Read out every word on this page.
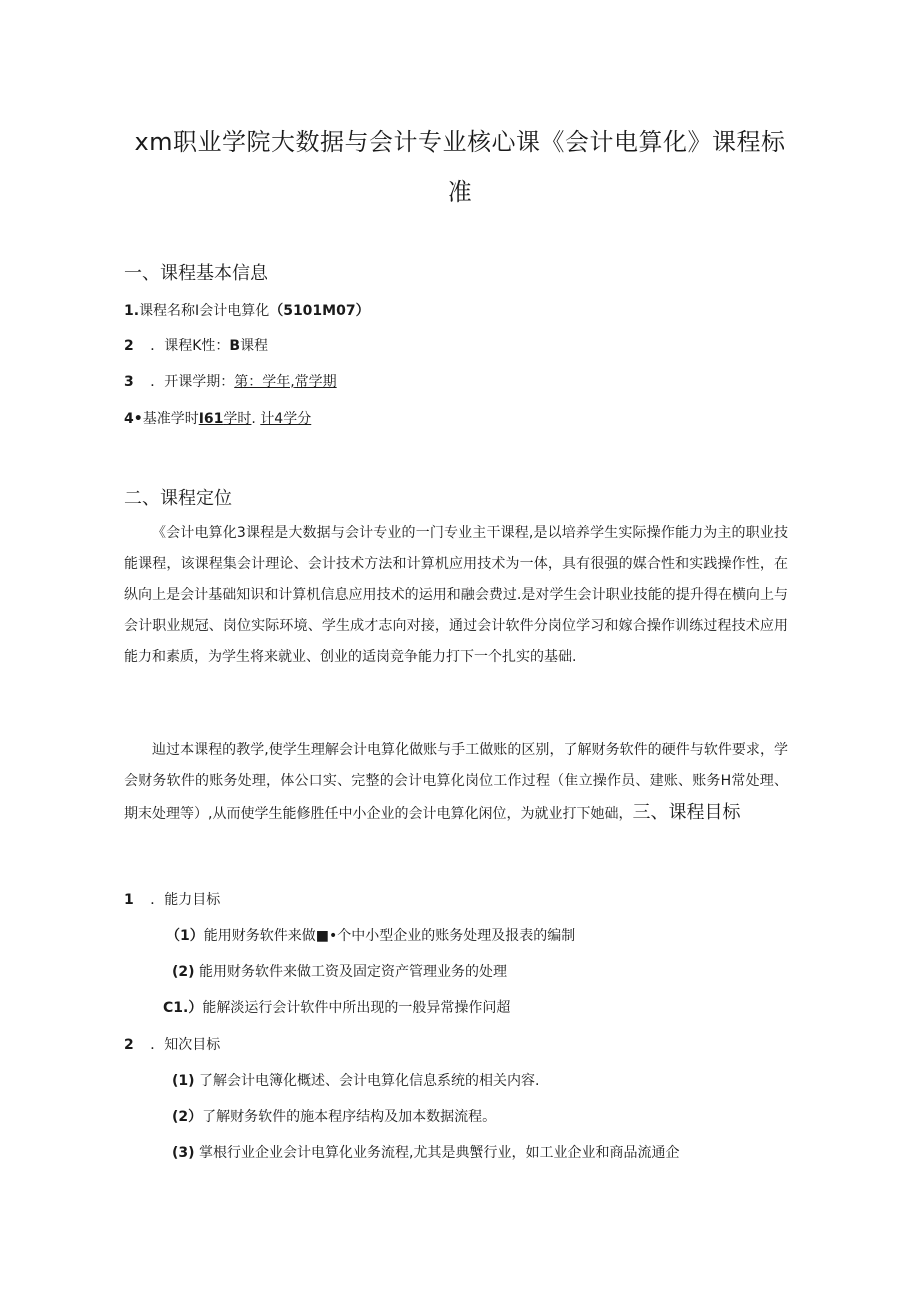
xm职业学院大数据与会计专业核心课《会计电算化》课程标
准
一、课程基本信息
1.课程名称I会计电算化（5101M07）
2 ．课程K性：B课程
3 ．开课学期：第：学年,常学期
4•基准学时I61学时. 计4学分
二、课程定位
《会计电算化3课程是大数据与会计专业的一门专业主干课程,是以培养学生实际操作能力为主的职业技能课程，该课程集会计理论、会计技术方法和计算机应用技术为一体，具有很强的媒合性和实践操作性，在纵向上是会计基础知识和计算机信息应用技术的运用和融会费过.是对学生会计职业技能的提升得在横向上与会计职业规冠、岗位实际环境、学生成才志向对接，通过会计软件分岗位学习和嫁合操作训练过程技术应用能力和素质，为学生将来就业、创业的适岗竞争能力打下一个扎实的基础.
辿过本课程的教学,使学生理解会计电算化做账与手工做账的区别，了解财务软件的硬件与软件要求，学会财务软件的账务处理，体公口实、完整的会计电算化岗位工作过程（隹立操作员、建账、账务H常处理、期末处理等）,从而使学生能修胜任中小企业的会计电算化闲位，为就业打下她础，三、课程目标
1 ．能力目标
（1）能用财务软件来做■•个中小型企业的账务处理及报表的编制
(2) 能用财务软件来做工资及固定资产管理业务的处理
C1.）能解淡运行会计软件中所出现的一般异常操作问超
2 ．知次目标
(1) 了解会计电簿化概述、会计电算化信息系统的相关内容.
(2）了解财务软件的施本程序结构及加本数据流程。
(3) 掌根行业企业会计电算化业务流程,尤其是典蟹行业，如工业企业和商品流通企
